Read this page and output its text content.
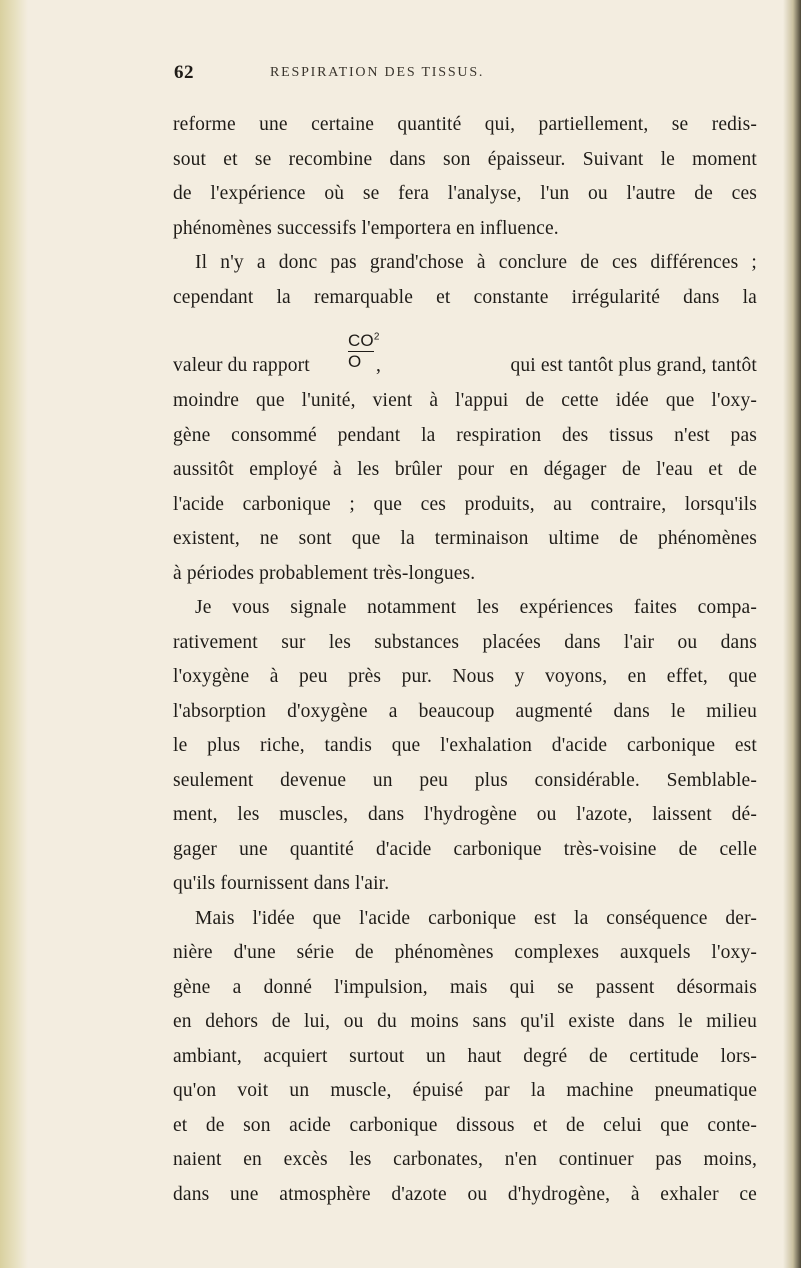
62	RESPIRATION DES TISSUS.
reforme une certaine quantité qui, partiellement, se redis-
sout et se recombine dans son épaisseur. Suivant le moment
de l'expérience où se fera l'analyse, l'un ou l'autre de ces
phénomènes successifs l'emportera en influence.
Il n'y a donc pas grand'chose à conclure de ces différences ;
cependant la remarquable et constante irrégularité dans la
valeur du rapport $\frac{CO^2}{O}$ ,	qui est tantôt plus grand, tantôt
moindre que l'unité, vient à l'appui de cette idée que l'oxy-
gène consommé pendant la respiration des tissus n'est pas
aussitôt employé à les brûler pour en dégager de l'eau et de
l'acide carbonique ; que ces produits, au contraire, lorsqu'ils
existent, ne sont que la terminaison ultime de phénomènes
à périodes probablement très-longues.
Je vous signale notamment les expériences faites compa-
rativement sur les substances placées dans l'air ou dans
l'oxygène à peu près pur. Nous y voyons, en effet, que
l'absorption d'oxygène a beaucoup augmenté dans le milieu
le plus riche, tandis que l'exhalation d'acide carbonique est
seulement devenue un peu plus considérable. Semblable-
ment, les muscles, dans l'hydrogène ou l'azote, laissent dé-
gager une quantité d'acide carbonique très-voisine de celle
qu'ils fournissent dans l'air.
Mais l'idée que l'acide carbonique est la conséquence der-
nière d'une série de phénomènes complexes auxquels l'oxy-
gène a donné l'impulsion, mais qui se passent désormais
en dehors de lui, ou du moins sans qu'il existe dans le milieu
ambiant, acquiert surtout un haut degré de certitude lors-
qu'on voit un muscle, épuisé par la machine pneumatique
et de son acide carbonique dissous et de celui que conte-
naient en excès les carbonates, n'en continuer pas moins,
dans une atmosphère d'azote ou d'hydrogène, à exhaler ce
